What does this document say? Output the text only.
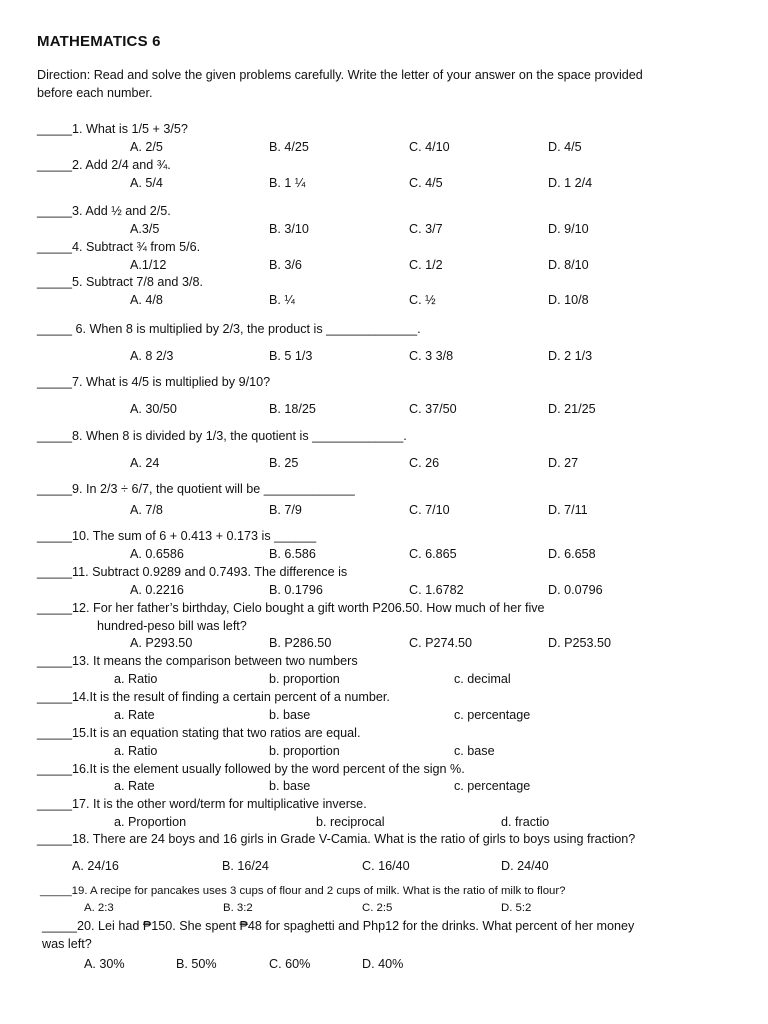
MATHEMATICS 6
Direction: Read and solve the given problems carefully. Write the letter of your answer on the space provided
before each number.
_____1. What is 1/5 + 3/5?
A. 2/5	B. 4/25	C. 4/10	D. 4/5
_____2. Add 2/4 and ¾.
A. 5/4	B. 1 ¼	C. 4/5	D. 1 2/4
_____3. Add ½ and 2/5.
A.3/5	B. 3/10	C. 3/7	D. 9/10
_____4. Subtract ¾ from 5/6.
A.1/12	B. 3/6	C. 1/2	D. 8/10
_____5. Subtract 7/8 and 3/8.
A. 4/8	B. ¼	C. ½	D. 10/8
_____ 6. When 8 is multiplied by 2/3, the product is _____________.
A. 8 2/3	B. 5 1/3	C. 3 3/8	D. 2 1/3
_____7. What is 4/5 is multiplied by 9/10?
A. 30/50	B. 18/25	C. 37/50	D. 21/25
_____8. When 8 is divided by 1/3, the quotient is _____________.
A. 24	B. 25	C. 26	D. 27
_____9. In 2/3 ÷ 6/7, the quotient will be _____________
A. 7/8	B. 7/9	C. 7/10	D. 7/11
_____10. The sum of 6 + 0.413 + 0.173 is ______
A. 0.6586	B. 6.586	C. 6.865	D. 6.658
_____11. Subtract 0.9289 and 0.7493. The difference is
A. 0.2216	B. 0.1796	C. 1.6782	D. 0.0796
_____12. For her father’s birthday, Cielo bought a gift worth P206.50. How much of her five
hundred-peso bill was left?
A. P293.50	B. P286.50	C. P274.50	D. P253.50
_____13. It means the comparison between two numbers
a. Ratio	b. proportion	c. decimal
_____14.It is the result of finding a certain percent of a number.
a. Rate	b. base	c. percentage
_____15.It is an equation stating that two ratios are equal.
a. Ratio	b. proportion	c. base
_____16.It is the element usually followed by the word percent of the sign %.
a. Rate	b. base	c. percentage
_____17. It is the other word/term for multiplicative inverse.
a. Proportion	b. reciprocal	d. fractio
_____18. There are 24 boys and 16 girls in Grade V-Camia. What is the ratio of girls to boys using fraction?
A. 24/16	B. 16/24	C. 16/40	D. 24/40
_____19. A recipe for pancakes uses 3 cups of flour and 2 cups of milk. What is the ratio of milk to flour?
A. 2:3	B. 3:2	C. 2:5	D. 5:2
_____20. Lei had ₱150. She spent ₱48 for spaghetti and Php12 for the drinks. What percent of her money
was left?
A. 30%	B. 50%	C. 60%	D. 40%
